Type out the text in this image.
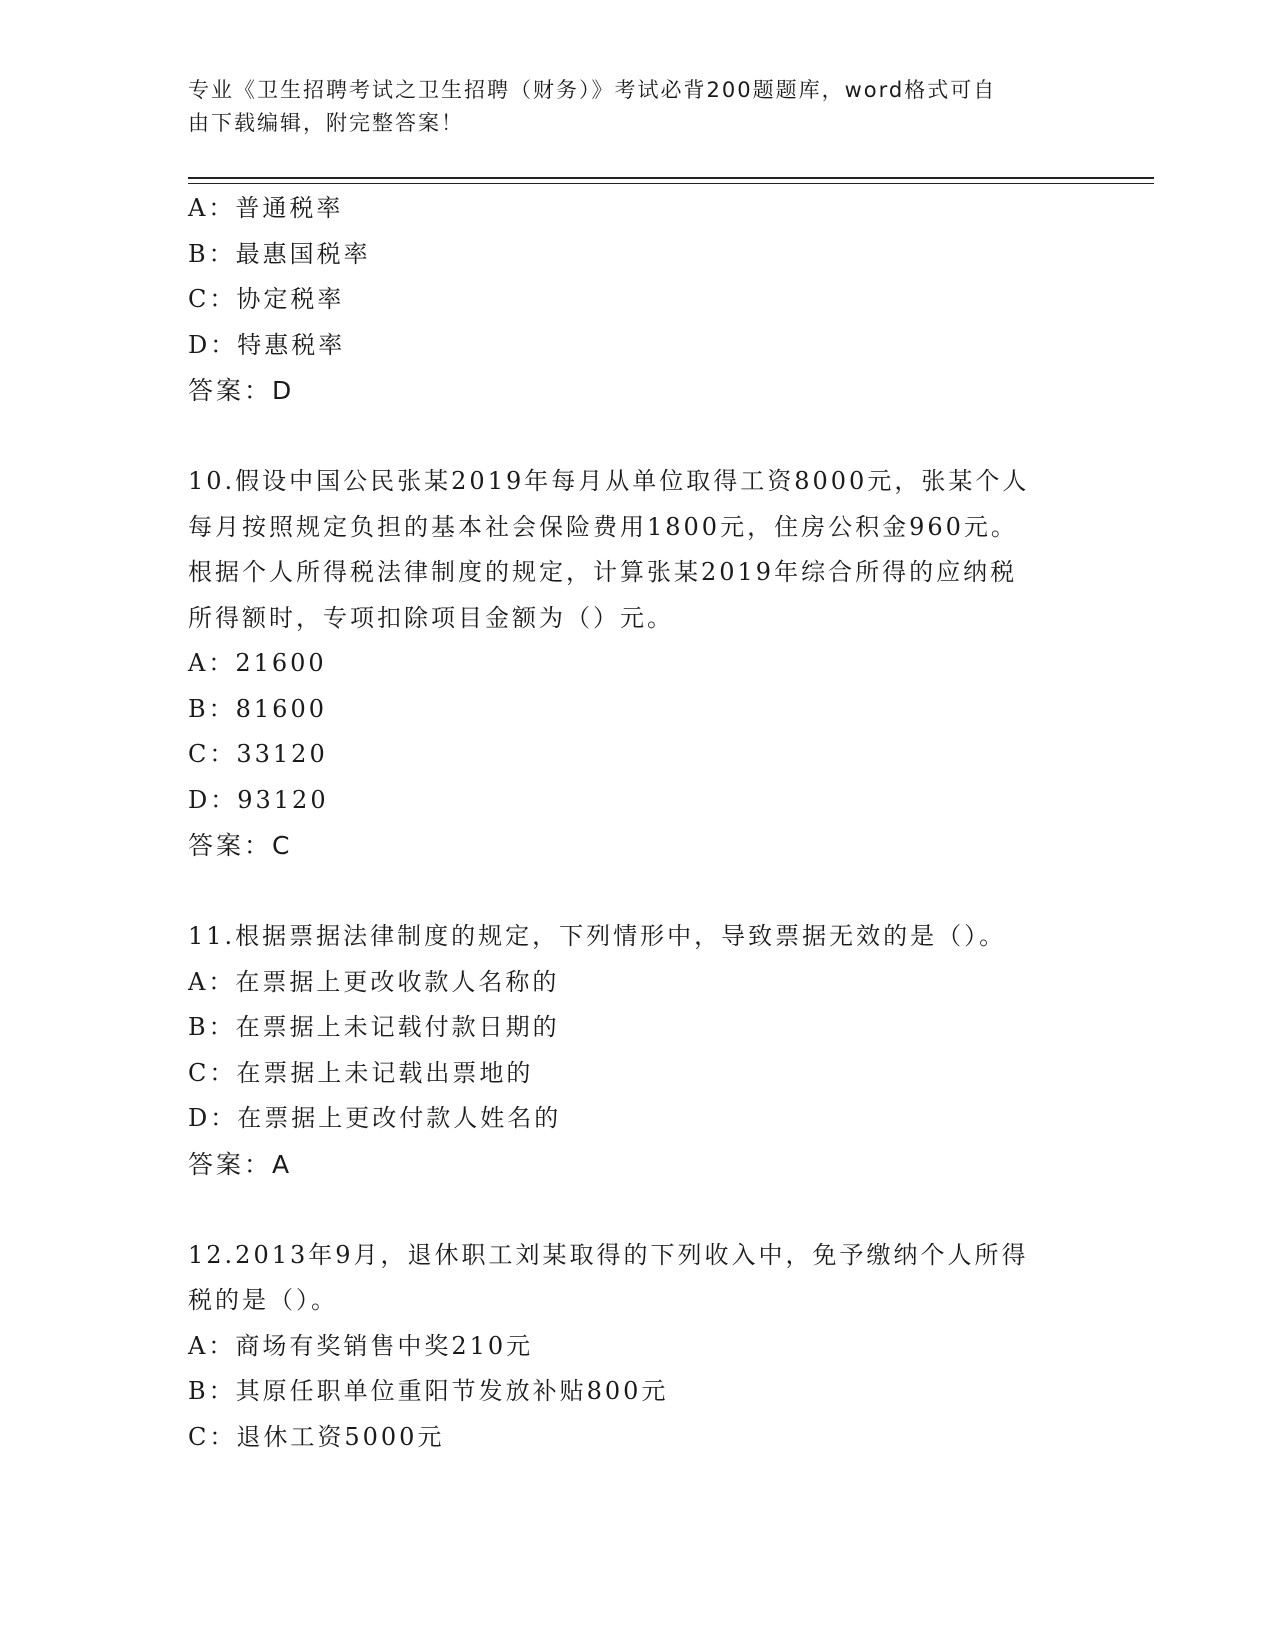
专业《卫生招聘考试之卫生招聘（财务）》考试必背200题题库，word格式可自
由下载编辑，附完整答案！
A：普通税率
B：最惠国税率
C：协定税率
D：特惠税率
答案：D
10.假设中国公民张某2019年每月从单位取得工资8000元，张某个人
每月按照规定负担的基本社会保险费用1800元，住房公积金960元。
根据个人所得税法律制度的规定，计算张某2019年综合所得的应纳税
所得额时，专项扣除项目金额为（）元。
A：21600
B：81600
C：33120
D：93120
答案：C
11.根据票据法律制度的规定，下列情形中，导致票据无效的是（）。
A：在票据上更改收款人名称的
B：在票据上未记载付款日期的
C：在票据上未记载出票地的
D：在票据上更改付款人姓名的
答案：A
12.2013年9月，退休职工刘某取得的下列收入中，免予缴纳个人所得
税的是（）。
A：商场有奖销售中奖210元
B：其原任职单位重阳节发放补贴800元
C：退休工资5000元
